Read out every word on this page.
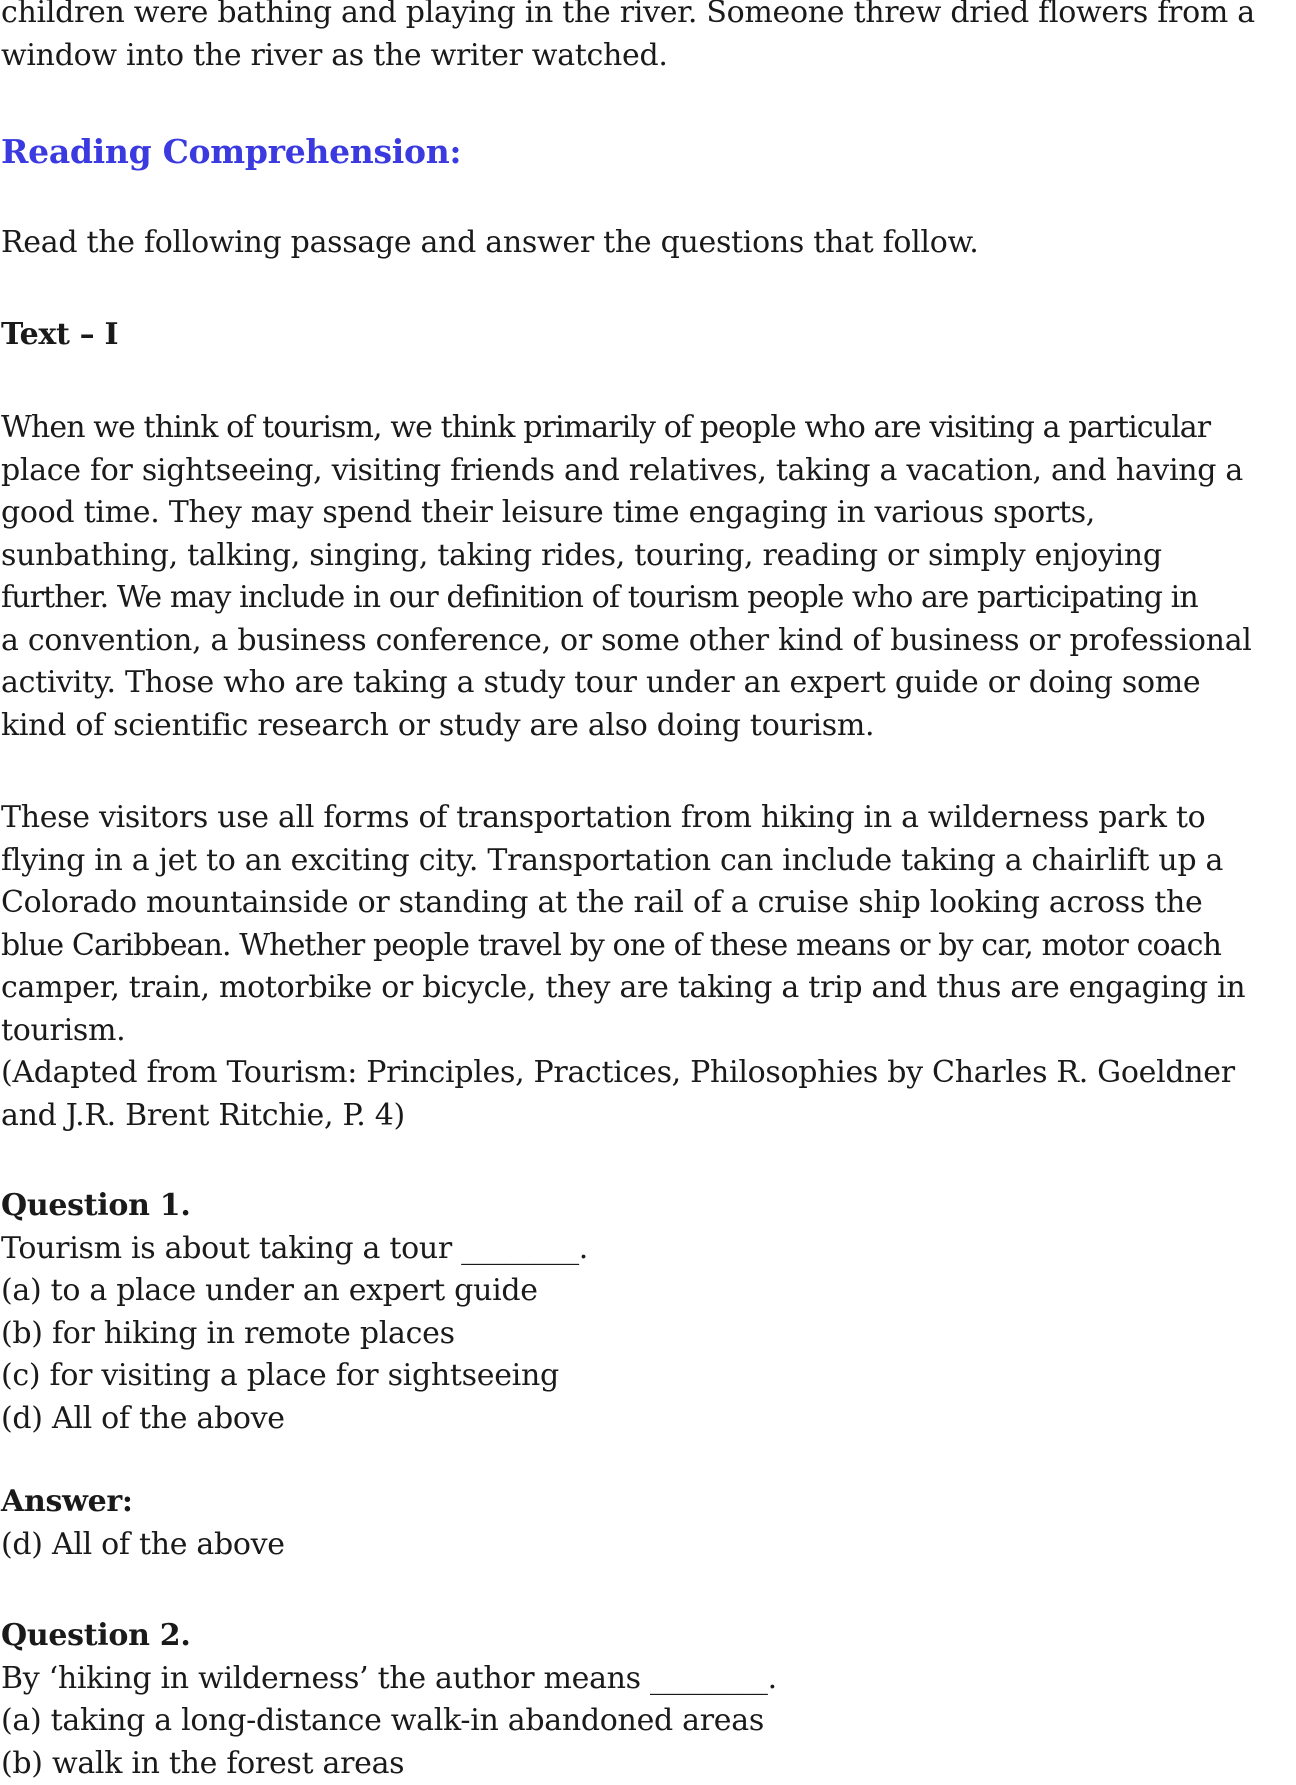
children were bathing and playing in the river. Someone threw dried flowers from a
window into the river as the writer watched.
Reading Comprehension:
Read the following passage and answer the questions that follow.
Text – I
When we think of tourism, we think primarily of people who are visiting a particular
place for sightseeing, visiting friends and relatives, taking a vacation, and having a
good time. They may spend their leisure time engaging in various sports,
sunbathing, talking, singing, taking rides, touring, reading or simply enjoying
further. We may include in our definition of tourism people who are participating in
a convention, a business conference, or some other kind of business or professional
activity. Those who are taking a study tour under an expert guide or doing some
kind of scientific research or study are also doing tourism.
These visitors use all forms of transportation from hiking in a wilderness park to
flying in a jet to an exciting city. Transportation can include taking a chairlift up a
Colorado mountainside or standing at the rail of a cruise ship looking across the
blue Caribbean. Whether people travel by one of these means or by car, motor coach
camper, train, motorbike or bicycle, they are taking a trip and thus are engaging in
tourism.
(Adapted from Tourism: Principles, Practices, Philosophies by Charles R. Goeldner
and J.R. Brent Ritchie, P. 4)
Question 1.
Tourism is about taking a tour ________.
(a) to a place under an expert guide
(b) for hiking in remote places
(c) for visiting a place for sightseeing
(d) All of the above
Answer:
(d) All of the above
Question 2.
By ‘hiking in wilderness’ the author means ________.
(a) taking a long-distance walk-in abandoned areas
(b) walk in the forest areas
